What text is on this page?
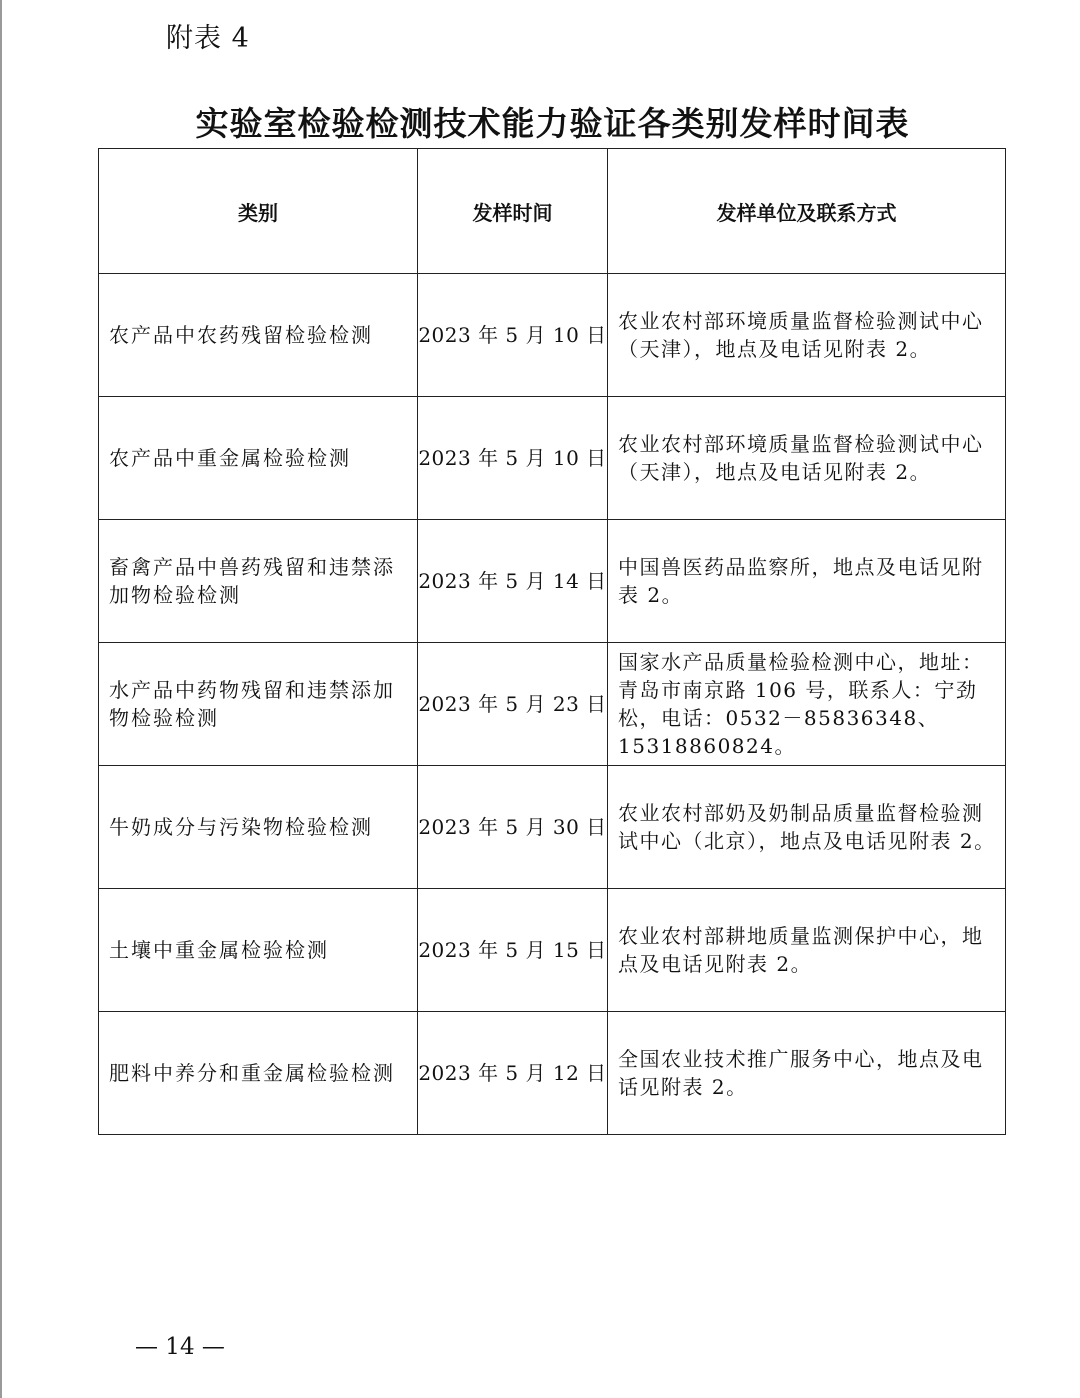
附表 4
实验室检验检测技术能力验证各类别发样时间表
类别	发样时间	发样单位及联系方式
农产品中农药残留检验检测	2023 年 5 月 10 日	农业农村部环境质量监督检验测试中心（天津），地点及电话见附表 2。
农产品中重金属检验检测	2023 年 5 月 10 日	农业农村部环境质量监督检验测试中心（天津），地点及电话见附表 2。
畜禽产品中兽药残留和违禁添加物检验检测	2023 年 5 月 14 日	中国兽医药品监察所，地点及电话见附表 2。
水产品中药物残留和违禁添加物检验检测	2023 年 5 月 23 日	国家水产品质量检验检测中心，地址：青岛市南京路 106 号，联系人：宁劲松，电话：0532－85836348、15318860824。
牛奶成分与污染物检验检测	2023 年 5 月 30 日	农业农村部奶及奶制品质量监督检验测试中心（北京），地点及电话见附表 2。
土壤中重金属检验检测	2023 年 5 月 15 日	农业农村部耕地质量监测保护中心，地点及电话见附表 2。
肥料中养分和重金属检验检测	2023 年 5 月 12 日	全国农业技术推广服务中心，地点及电话见附表 2。
— 14 —
